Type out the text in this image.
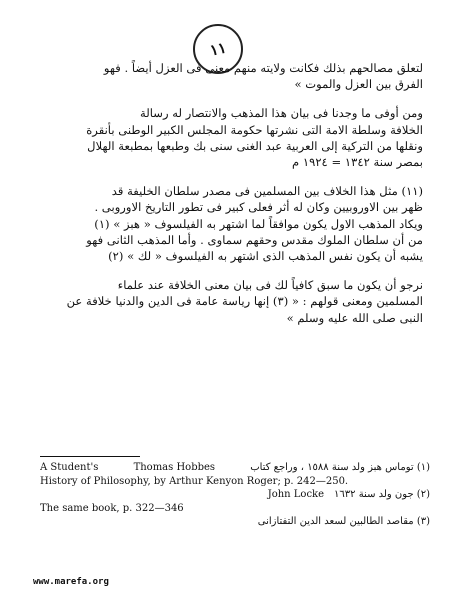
١١
لتعلق مصالحهم بذلك فكانت ولايته منهم معنى فى العزل أيضاً . فهو
الفرق بين العزل والموت »
ومن أوفى ما وجدنا فى بيان هذا المذهب والانتصار له رسالة
الخلافة وسلطة الامة التى نشرتها حكومة المجلس الكبير الوطنى بأنقرة
ونقلها من التركية إلى العربية عبد الغنى سنى بك وطبعها بمطبعة الهلال
بمصر سنة ١٣٤٢ = ١٩٢٤ م
(١١) مثل هذا الخلاف بين المسلمين فى مصدر سلطان الخليفة قد
ظهر بين الاوروبيين وكان له أثر فعلى كبير فى تطور التاريخ الاوروبى .
ويكاد المذهب الاول يكون موافقاً لما اشتهر به الفيلسوف « هبز » (١)
من أن سلطان الملوك مقدس وحقهم سماوى . وأما المذهب الثانى فهو
يشبه أن يكون نفس المذهب الذى اشتهر به الفيلسوف « لك » (٢)
نرجو أن يكون ما سبق كافياً لك فى بيان معنى الخلافة عند علماء
المسلمين ومعنى قولهم : « (٣) إنها رياسة عامة فى الدين والدنيا خلافة عن
النبى صلى الله عليه وسلم »
A Student's	Thomas Hobbes	(١) توماس هبز ولد سنة ١٥٨٨ ، وراجع كتاب
History of Philosophy, by Arthur Kenyon Roger; p. 242—250.
John Locke (٢) جون ولد سنة ١٦٣٢
The same book, p. 322—346
(٣) مقاصد الطالبين لسعد الدين التفتازانى
www.marefa.org
